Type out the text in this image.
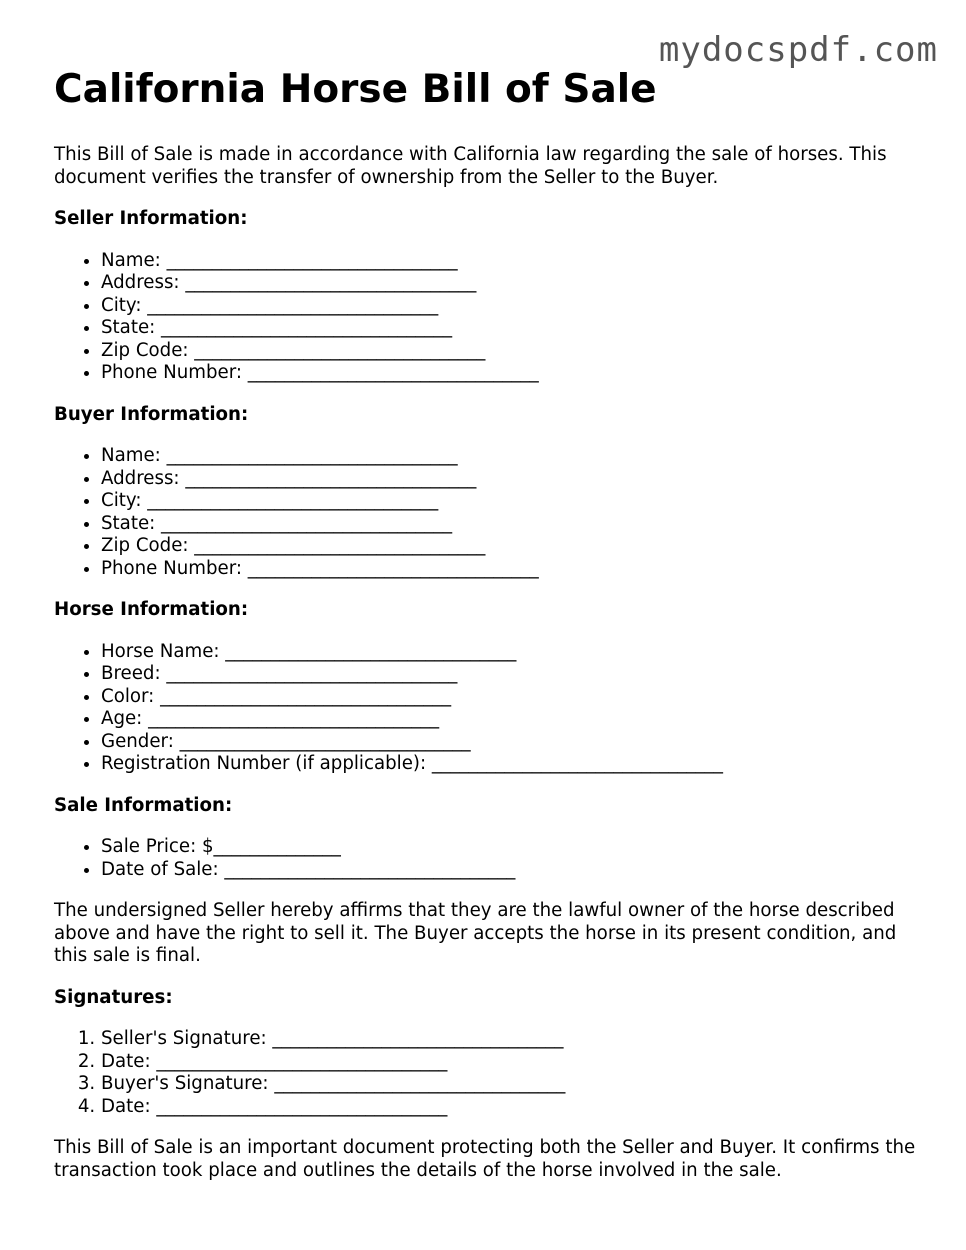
mydocspdf.com
California Horse Bill of Sale

This Bill of Sale is made in accordance with California law regarding the sale of horses. This document verifies the transfer of ownership from the Seller to the Buyer.

Seller Information:
• Name: ________________________________
• Address: ________________________________
• City: ________________________________
• State: ________________________________
• Zip Code: ________________________________
• Phone Number: ________________________________
Buyer Information:
• Name: ________________________________
• Address: ________________________________
• City: ________________________________
• State: ________________________________
• Zip Code: ________________________________
• Phone Number: ________________________________
Horse Information:
• Horse Name: ________________________________
• Breed: ________________________________
• Color: ________________________________
• Age: ________________________________
• Gender: ________________________________
• Registration Number (if applicable): ________________________________
Sale Information:
• Sale Price: $______________
• Date of Sale: ________________________________

The undersigned Seller hereby affirms that they are the lawful owner of the horse described above and have the right to sell it. The Buyer accepts the horse in its present condition, and this sale is final.

Signatures:
1. Seller's Signature: ________________________________
2. Date: ________________________________
3. Buyer's Signature: ________________________________
4. Date: ________________________________

This Bill of Sale is an important document protecting both the Seller and Buyer. It confirms the transaction took place and outlines the details of the horse involved in the sale.
